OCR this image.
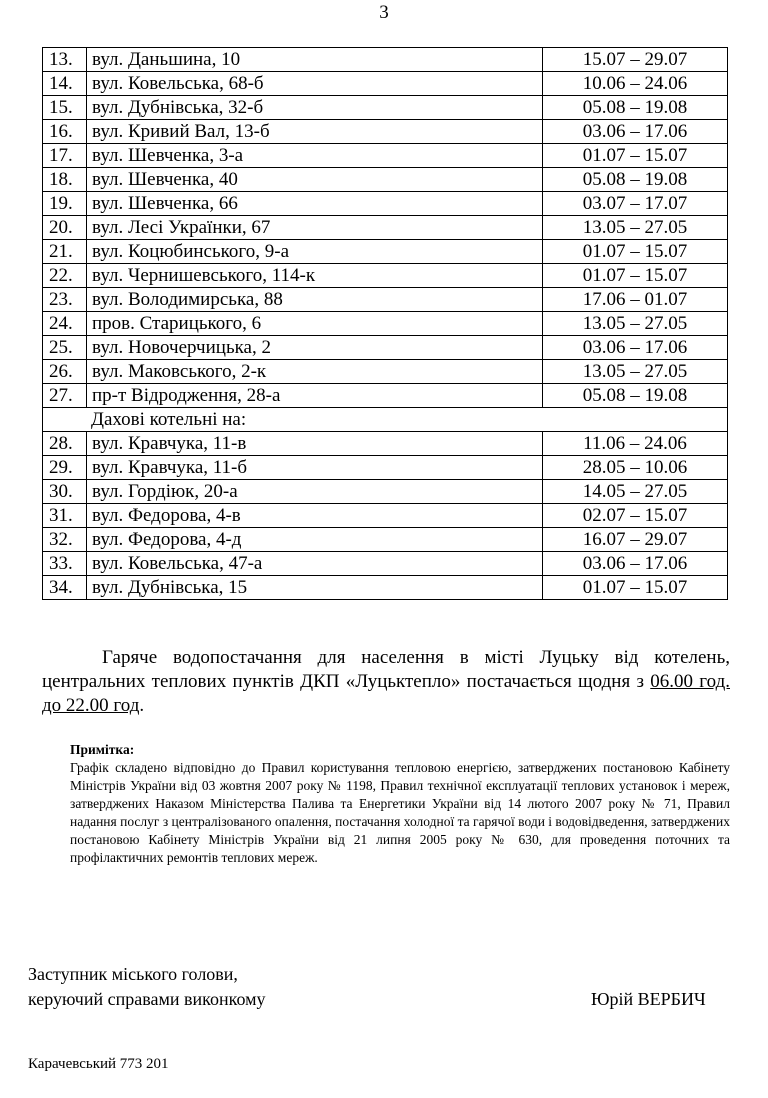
3
13.	вул. Даньшина, 10	15.07 – 29.07
14.	вул. Ковельська, 68-б	10.06 – 24.06
15.	вул. Дубнівська, 32-б	05.08 – 19.08
16.	вул. Кривий Вал, 13-б	03.06 – 17.06
17.	вул. Шевченка, 3-а	01.07 – 15.07
18.	вул. Шевченка, 40	05.08 – 19.08
19.	вул. Шевченка, 66	03.07 – 17.07
20.	вул. Лесі Українки, 67	13.05 – 27.05
21.	вул. Коцюбинського, 9-а	01.07 – 15.07
22.	вул. Чернишевського, 114-к	01.07 – 15.07
23.	вул. Володимирська, 88	17.06 – 01.07
24.	пров. Старицького, 6	13.05 – 27.05
25.	вул. Новочерчицька, 2	03.06 – 17.06
26.	вул. Маковського, 2-к	13.05 – 27.05
27.	пр-т Відродження, 28-а	05.08 – 19.08
Дахові котельні на:		
28.	вул. Кравчука, 11-в	11.06 – 24.06
29.	вул. Кравчука, 11-б	28.05 – 10.06
30.	вул. Гордіюк, 20-а	14.05 – 27.05
31.	вул. Федорова, 4-в	02.07 – 15.07
32.	вул. Федорова, 4-д	16.07 – 29.07
33.	вул. Ковельська, 47-а	03.06 – 17.06
34.	вул. Дубнівська, 15	01.07 – 15.07
Гаряче водопостачання для населення в місті Луцьку від котелень, центральних теплових пунктів ДКП «Луцьктепло» постачається щодня з 06.00 год. до 22.00 год.
Примітка:
Графік складено відповідно до Правил користування тепловою енергією, затверджених постановою Кабінету Міністрів України від 03 жовтня 2007 року № 1198, Правил технічної експлуатації теплових установок і мереж, затверджених Наказом Міністерства Палива та Енергетики України від 14 лютого 2007 року № 71, Правил надання послуг з централізованого опалення, постачання холодної та гарячої води і водовідведення, затверджених постановою Кабінету Міністрів України від 21 липня 2005 року № 630, для проведення поточних та профілактичних ремонтів теплових мереж.
Заступник міського голови,
керуючий справами виконкому	Юрій ВЕРБИЧ
Карачевський 773 201
